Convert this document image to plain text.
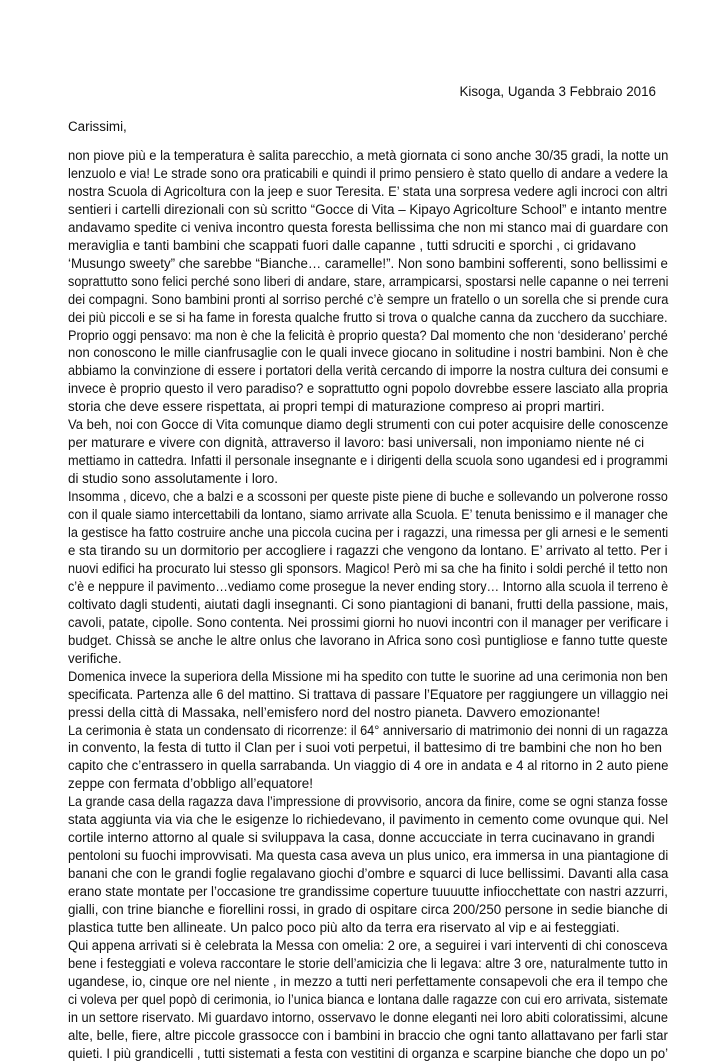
Kisoga, Uganda 3 Febbraio 2016
Carissimi,
non piove più e la temperatura è salita parecchio, a metà giornata ci sono anche 30/35 gradi, la notte un
lenzuolo e via! Le strade sono ora praticabili e quindi il primo pensiero è stato quello di andare a vedere la
nostra Scuola di Agricoltura con la jeep e suor Teresita. E’ stata una sorpresa vedere agli incroci con altri
sentieri i cartelli direzionali con sù scritto “Gocce di Vita – Kipayo Agricolture School” e intanto mentre
andavamo spedite ci veniva incontro questa foresta bellissima che non mi stanco mai di guardare con
meraviglia e tanti bambini che scappati fuori dalle capanne , tutti sdruciti e sporchi , ci gridavano
‘Musungo sweety” che sarebbe “Bianche… caramelle!”. Non sono bambini sofferenti, sono bellissimi e
soprattutto sono felici perché sono liberi di andare, stare, arrampicarsi, spostarsi nelle capanne o nei terreni
dei compagni. Sono bambini pronti al sorriso perché c’è sempre un fratello o un sorella che si prende cura
dei più piccoli e se si ha fame in foresta qualche frutto si trova o qualche canna da zucchero da succhiare.
Proprio oggi pensavo: ma non è che la felicità è proprio questa? Dal momento che non ‘desiderano’ perché
non conoscono le mille cianfrusaglie con le quali invece giocano in solitudine i nostri bambini. Non è che
abbiamo la convinzione di essere i portatori della verità cercando di imporre la nostra cultura dei consumi e
invece è proprio questo il vero paradiso? e soprattutto ogni popolo dovrebbe essere lasciato alla propria
storia che deve essere rispettata, ai propri tempi di maturazione compreso ai propri martiri.
Va beh, noi con Gocce di Vita comunque diamo degli strumenti con cui poter acquisire delle conoscenze
per maturare e vivere con dignità, attraverso il lavoro: basi universali, non imponiamo niente né ci
mettiamo in cattedra. Infatti il personale insegnante e i dirigenti della scuola sono ugandesi ed i programmi
di studio sono assolutamente i loro.
Insomma , dicevo, che a balzi e a scossoni per queste piste piene di buche e sollevando un polverone rosso
con il quale siamo intercettabili da lontano, siamo arrivate alla Scuola. E’ tenuta benissimo e il manager che
la gestisce ha fatto costruire anche una piccola cucina per i ragazzi, una rimessa per gli arnesi e le sementi
e sta tirando su un dormitorio per accogliere i ragazzi che vengono da lontano. E’ arrivato al tetto. Per i
nuovi edifici ha procurato lui stesso gli sponsors. Magico! Però mi sa che ha finito i soldi perché il tetto non
c’è e neppure il pavimento…vediamo come prosegue la never ending story… Intorno alla scuola il terreno è
coltivato dagli studenti, aiutati dagli insegnanti. Ci sono piantagioni di banani, frutti della passione, mais,
cavoli, patate, cipolle. Sono contenta. Nei prossimi giorni ho nuovi incontri con il manager per verificare i
budget. Chissà se anche le altre onlus che lavorano in Africa sono così puntigliose e fanno tutte queste
verifiche.
Domenica invece la superiora della Missione mi ha spedito con tutte le suorine ad una cerimonia non ben
specificata. Partenza alle 6 del mattino. Si trattava di passare l’Equatore per raggiungere un villaggio nei
pressi della città di Massaka, nell’emisfero nord del nostro pianeta. Davvero emozionante!
La cerimonia è stata un condensato di ricorrenze: il 64° anniversario di matrimonio dei nonni di un ragazza
in convento, la festa di tutto il Clan per i suoi voti perpetui, il battesimo di tre bambini che non ho ben
capito che c’entrassero in quella sarrabanda. Un viaggio di 4 ore in andata e 4 al ritorno in 2 auto piene
zeppe con fermata d’obbligo all’equatore!
La grande casa della ragazza dava l’impressione di provvisorio, ancora da finire, come se ogni stanza fosse
stata aggiunta via via che le esigenze lo richiedevano, il pavimento in cemento come ovunque qui. Nel
cortile interno attorno al quale si sviluppava la casa, donne accucciate in terra cucinavano in grandi
pentoloni su fuochi improvvisati. Ma questa casa aveva un plus unico, era immersa in una piantagione di
banani che con le grandi foglie regalavano giochi d’ombre e squarci di luce bellissimi. Davanti alla casa
erano state montate per l’occasione tre grandissime coperture tuuuutte infiocchettate con nastri azzurri,
gialli, con trine bianche e fiorellini rossi, in grado di ospitare circa 200/250 persone in sedie bianche di
plastica tutte ben allineate. Un palco poco più alto da terra era riservato al vip e ai festeggiati.
Qui appena arrivati si è celebrata la Messa con omelia: 2 ore, a seguirei i vari interventi di chi conosceva
bene i festeggiati e voleva raccontare le storie dell’amicizia che li legava: altre 3 ore, naturalmente tutto in
ugandese, io, cinque ore nel niente , in mezzo a tutti neri perfettamente consapevoli che era il tempo che
ci voleva per quel popò di cerimonia, io l’unica bianca e lontana dalle ragazze con cui ero arrivata, sistemate
in un settore riservato. Mi guardavo intorno, osservavo le donne eleganti nei loro abiti coloratissimi, alcune
alte, belle, fiere, altre piccole grassocce con i bambini in braccio che ogni tanto allattavano per farli star
quieti. I più grandicelli , tutti sistemati a festa con vestitini di organza e scarpine bianche che dopo un po’
